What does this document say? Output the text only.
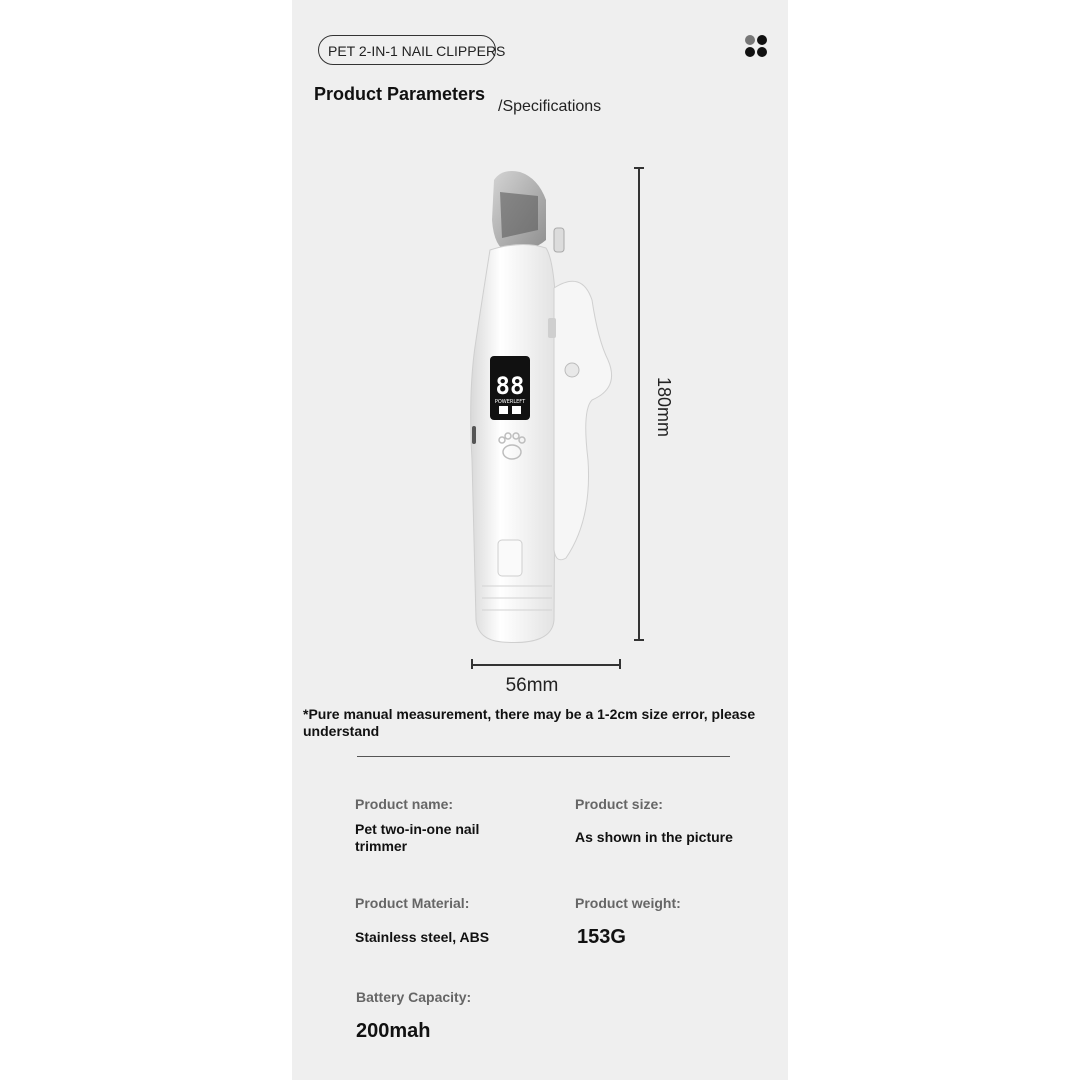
PET 2-IN-1 NAIL CLIPPERS
Product Parameters
/Specifications
88
POWERLEFT	180mm
56mm
*Pure manual measurement, there may be a 1-2cm size error, please understand
Product name:
Pet two-in-one nail trimmer
Product size:
As shown in the picture
Product Material:
Stainless steel, ABS
Product weight:
153G
Battery Capacity:
200mah
